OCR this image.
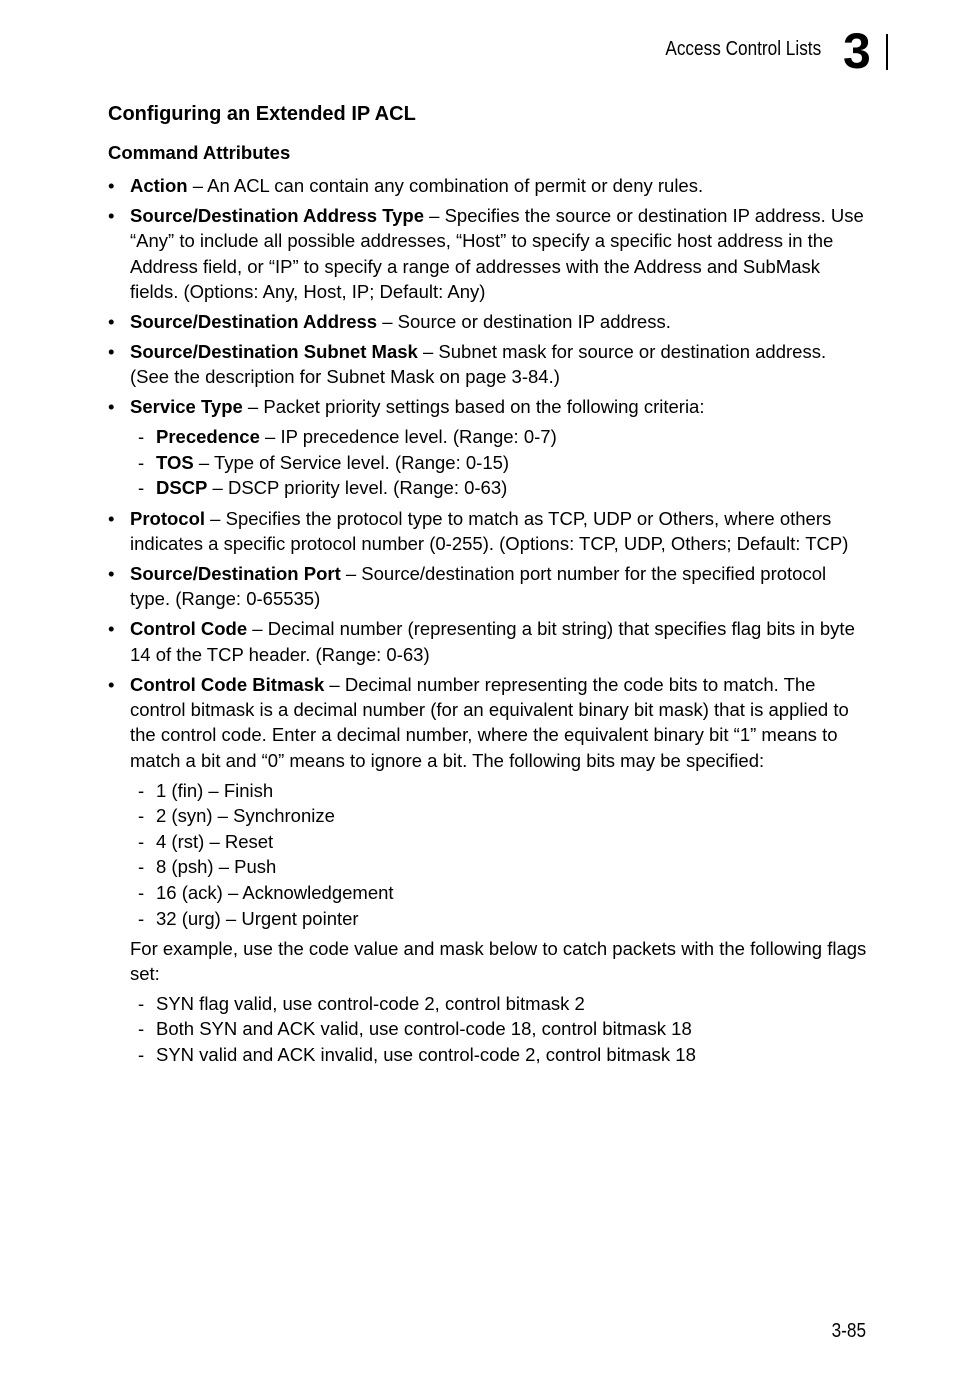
Access Control Lists 3
Configuring an Extended IP ACL
Command Attributes
• Action – An ACL can contain any combination of permit or deny rules.
• Source/Destination Address Type – Specifies the source or destination IP address. Use “Any” to include all possible addresses, “Host” to specify a specific host address in the Address field, or “IP” to specify a range of addresses with the Address and SubMask fields. (Options: Any, Host, IP; Default: Any)
• Source/Destination Address – Source or destination IP address.
• Source/Destination Subnet Mask – Subnet mask for source or destination address. (See the description for Subnet Mask on page 3-84.)
• Service Type – Packet priority settings based on the following criteria:
- Precedence – IP precedence level. (Range: 0-7)
- TOS – Type of Service level. (Range: 0-15)
- DSCP – DSCP priority level. (Range: 0-63)
• Protocol – Specifies the protocol type to match as TCP, UDP or Others, where others indicates a specific protocol number (0-255). (Options: TCP, UDP, Others; Default: TCP)
• Source/Destination Port – Source/destination port number for the specified protocol type. (Range: 0-65535)
• Control Code – Decimal number (representing a bit string) that specifies flag bits in byte 14 of the TCP header. (Range: 0-63)
• Control Code Bitmask – Decimal number representing the code bits to match. The control bitmask is a decimal number (for an equivalent binary bit mask) that is applied to the control code. Enter a decimal number, where the equivalent binary bit “1” means to match a bit and “0” means to ignore a bit. The following bits may be specified:
- 1 (fin) – Finish
- 2 (syn) – Synchronize
- 4 (rst) – Reset
- 8 (psh) – Push
- 16 (ack) – Acknowledgement
- 32 (urg) – Urgent pointer
For example, use the code value and mask below to catch packets with the following flags set:
- SYN flag valid, use control-code 2, control bitmask 2
- Both SYN and ACK valid, use control-code 18, control bitmask 18
- SYN valid and ACK invalid, use control-code 2, control bitmask 18
3-85
